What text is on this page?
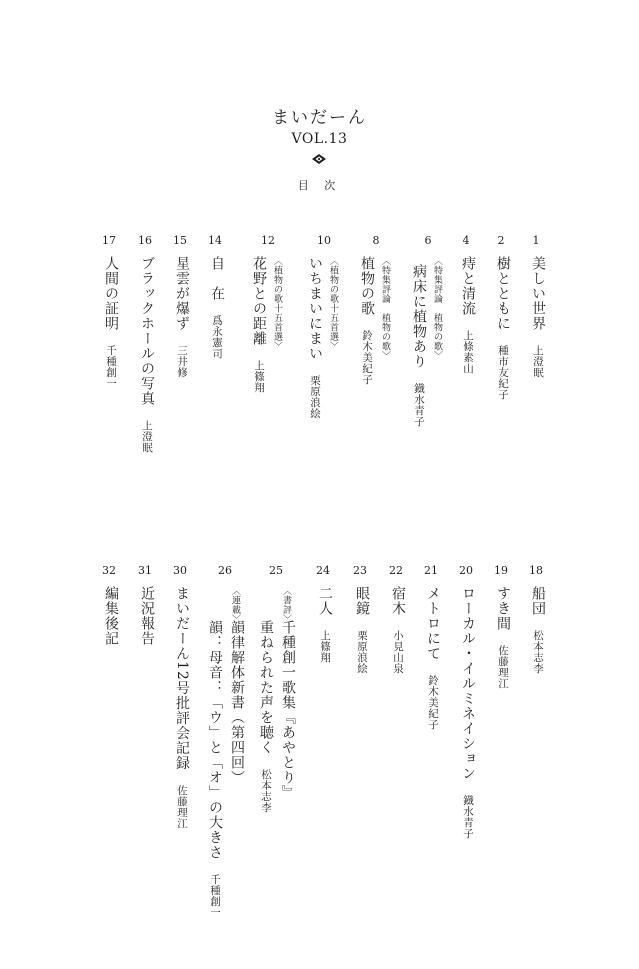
まいだーん
VOL.13
目 次
1
美しい世界上澄眠
2
樹とともに種市友紀子
4
痔と清流上條素山
6
〈特集評論　植物の歌〉
病床に植物あり鐡水青子
8
〈特集評論　植物の歌〉
植物の歌鈴木美紀子
10
〈植物の歌十五首選〉
いちまいにまい栗原浪絵
12
〈植物の歌十五首選〉
花野との距離上篠翔
14
自　在爲永憲司
15
星雲が爆ず三井修
16
ブラックホールの写真上澄眠
17
人間の証明千種創一
18
船団松本志李
19
すき間佐藤理江
20
ローカル・イルミネイション鐡水青子
21
メトロにて鈴木美紀子
22
宿木小見山泉
23
眼鏡栗原浪絵
24
二人上篠翔
25
〈書評〉
千種創一歌集『あやとり』
重ねられた声を聴く松本志李
26
〈連載〉
韻律解体新書（第四回）
韻：母音：「ウ」と「オ」の大きさ千種創一
30
まいだーん12号批評会記録佐藤理江
31
近況報告
32
編集後記
